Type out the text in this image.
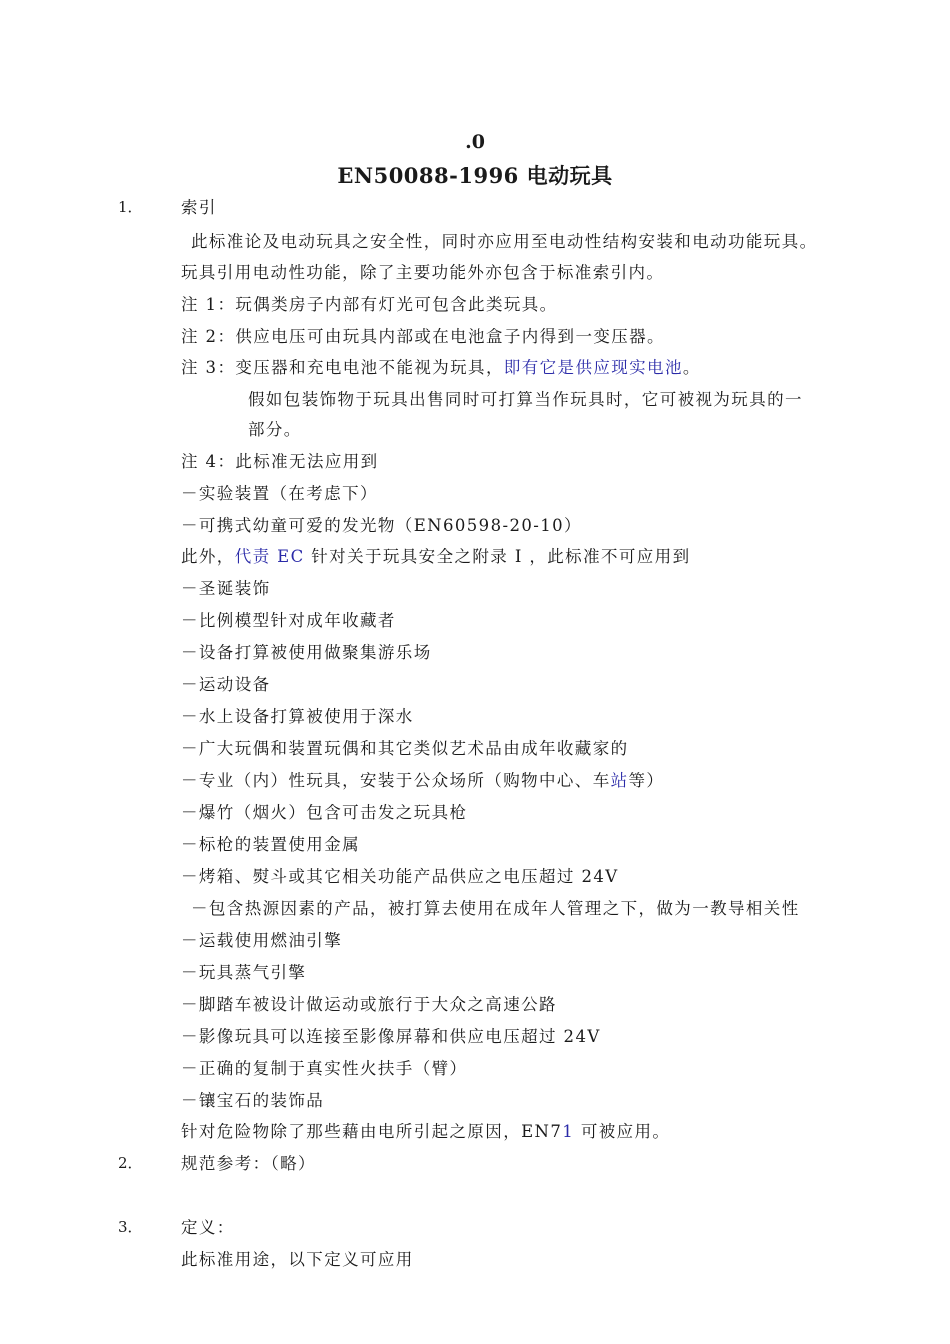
.0
EN50088-1996 电动玩具
1． 索引
此标准论及电动玩具之安全性，同时亦应用至电动性结构安装和电动功能玩具。
玩具引用电动性功能，除了主要功能外亦包含于标准索引内。
注 1：玩偶类房子内部有灯光可包含此类玩具。
注 2：供应电压可由玩具内部或在电池盒子内得到一变压器。
注 3：变压器和充电电池不能视为玩具，即有它是供应现实电池。
假如包装饰物于玩具出售同时可打算当作玩具时，它可被视为玩具的一
部分。
注 4：此标准无法应用到
－实验装置（在考虑下）
－可携式幼童可爱的发光物（EN60598-20-10）
此外，代责 EC 针对关于玩具安全之附录 I ，此标准不可应用到
－圣诞装饰
－比例模型针对成年收藏者
－设备打算被使用做聚集游乐场
－运动设备
－水上设备打算被使用于深水
－广大玩偶和装置玩偶和其它类似艺术品由成年收藏家的
－专业（内）性玩具，安装于公众场所（购物中心、车站等）
－爆竹（烟火）包含可击发之玩具枪
－标枪的装置使用金属
－烤箱、熨斗或其它相关功能产品供应之电压超过 24V
－包含热源因素的产品，被打算去使用在成年人管理之下，做为一教导相关性
－运载使用燃油引擎
－玩具蒸气引擎
－脚踏车被设计做运动或旅行于大众之高速公路
－影像玩具可以连接至影像屏幕和供应电压超过 24V
－正确的复制于真实性火扶手（臂）
－镶宝石的装饰品
针对危险物除了那些藉由电所引起之原因，EN71 可被应用。
2． 规范参考：（略）
3． 定义：
此标准用途，以下定义可应用
